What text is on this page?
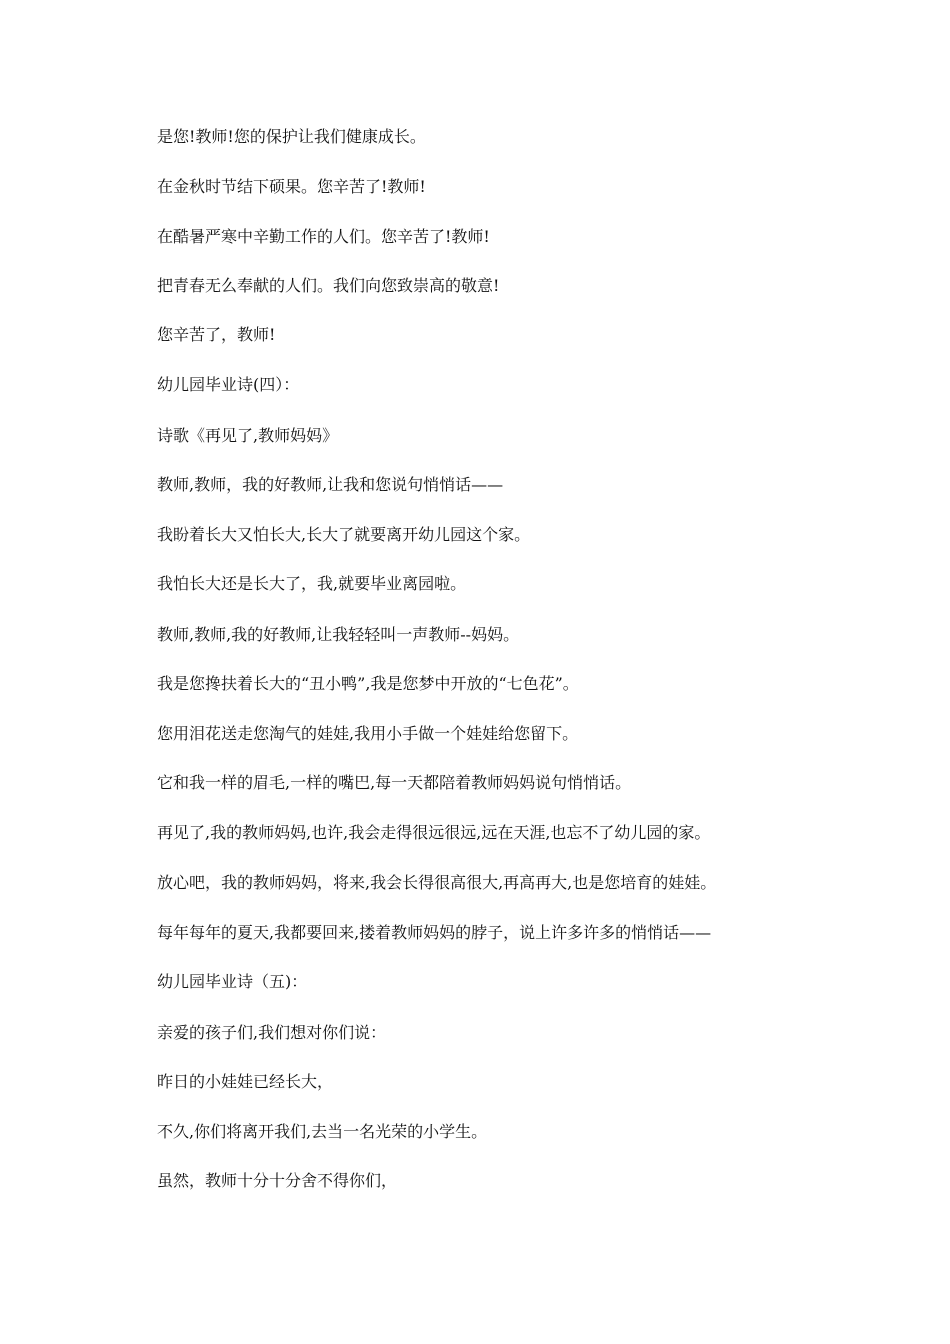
是您!教师!您的保护让我们健康成长。
在金秋时节结下硕果。您辛苦了!教师!
在酷暑严寒中辛勤工作的人们。您辛苦了!教师!
把青春无么奉献的人们。我们向您致崇高的敬意!
您辛苦了，教师!
幼儿园毕业诗(四）：
诗歌《再见了,教师妈妈》
教师,教师，我的好教师,让我和您说句悄悄话——
我盼着长大又怕长大,长大了就要离开幼儿园这个家。
我怕长大还是长大了，我,就要毕业离园啦。
教师,教师,我的好教师,让我轻轻叫一声教师--妈妈。
我是您搀扶着长大的“丑小鸭”,我是您梦中开放的“七色花”。
您用泪花送走您淘气的娃娃,我用小手做一个娃娃给您留下。
它和我一样的眉毛,一样的嘴巴,每一天都陪着教师妈妈说句悄悄话。
再见了,我的教师妈妈,也许,我会走得很远很远,远在天涯,也忘不了幼儿园的家。
放心吧，我的教师妈妈，将来,我会长得很高很大,再高再大,也是您培育的娃娃。
每年每年的夏天,我都要回来,搂着教师妈妈的脖子，说上许多许多的悄悄话——
幼儿园毕业诗（五)：
亲爱的孩子们,我们想对你们说：
昨日的小娃娃已经长大，
不久,你们将离开我们,去当一名光荣的小学生。
虽然，教师十分十分舍不得你们，
